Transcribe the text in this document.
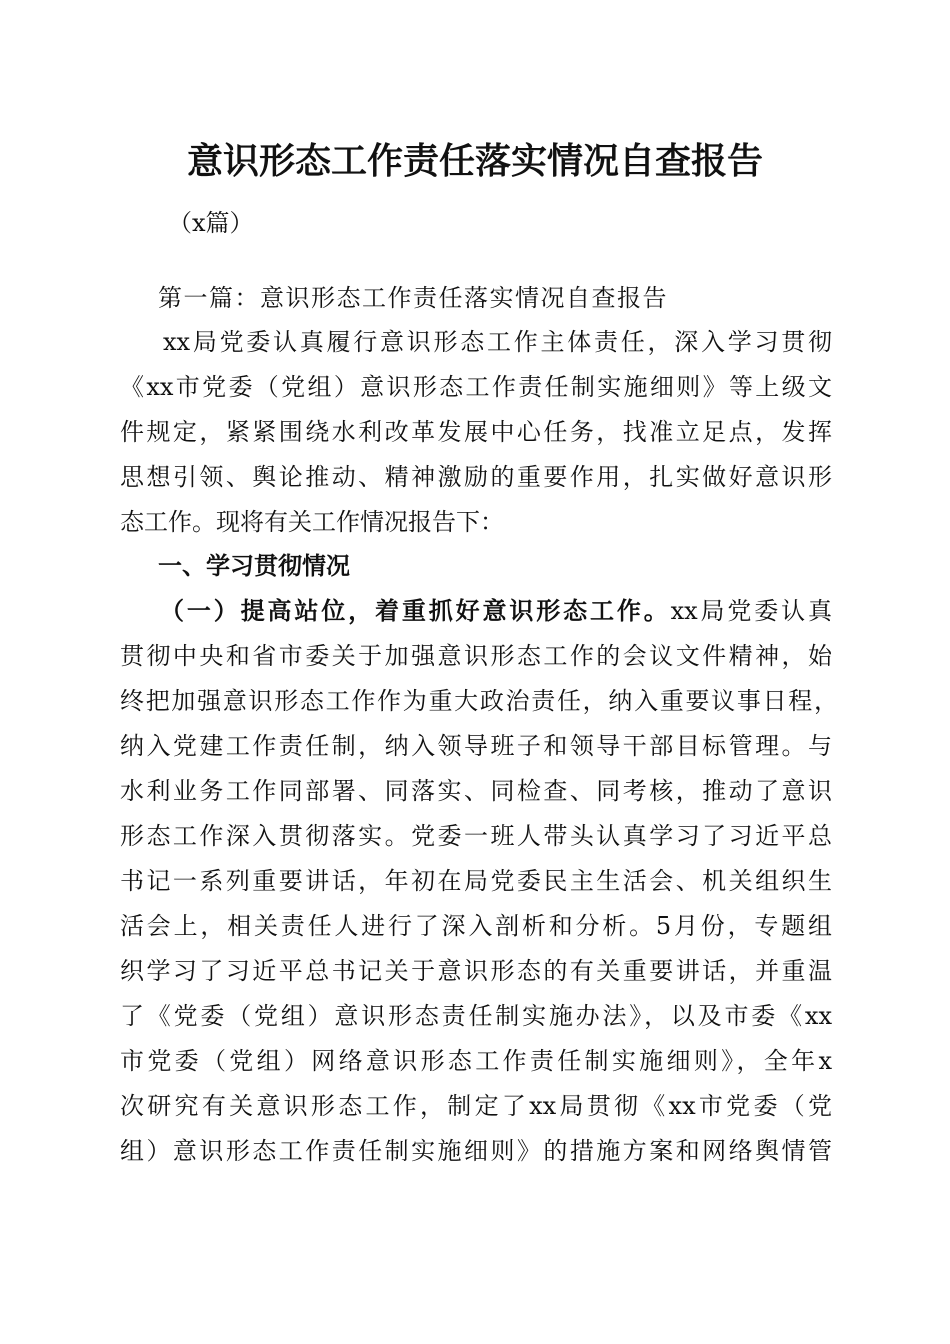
意识形态工作责任落实情况自查报告

（x篇）

第一篇：意识形态工作责任落实情况自查报告

xx局党委认真履行意识形态工作主体责任，深入学习贯彻

《xx市党委（党组）意识形态工作责任制实施细则》等上级文

件规定，紧紧围绕水利改革发展中心任务，找准立足点，发挥

思想引领、舆论推动、精神激励的重要作用，扎实做好意识形

态工作。现将有关工作情况报告下：

一、学习贯彻情况

（一）提高站位，着重抓好意识形态工作。xx局党委认真

贯彻中央和省市委关于加强意识形态工作的会议文件精神，始

终把加强意识形态工作作为重大政治责任，纳入重要议事日程，

纳入党建工作责任制，纳入领导班子和领导干部目标管理。与

水利业务工作同部署、同落实、同检查、同考核，推动了意识

形态工作深入贯彻落实。党委一班人带头认真学习了习近平总

书记一系列重要讲话，年初在局党委民主生活会、机关组织生

活会上，相关责任人进行了深入剖析和分析。5月份，专题组

织学习了习近平总书记关于意识形态的有关重要讲话，并重温

了《党委（党组）意识形态责任制实施办法》，以及市委《xx

市党委（党组）网络意识形态工作责任制实施细则》，全年x

次研究有关意识形态工作，制定了xx局贯彻《xx市党委（党

组）意识形态工作责任制实施细则》的措施方案和网络舆情管
